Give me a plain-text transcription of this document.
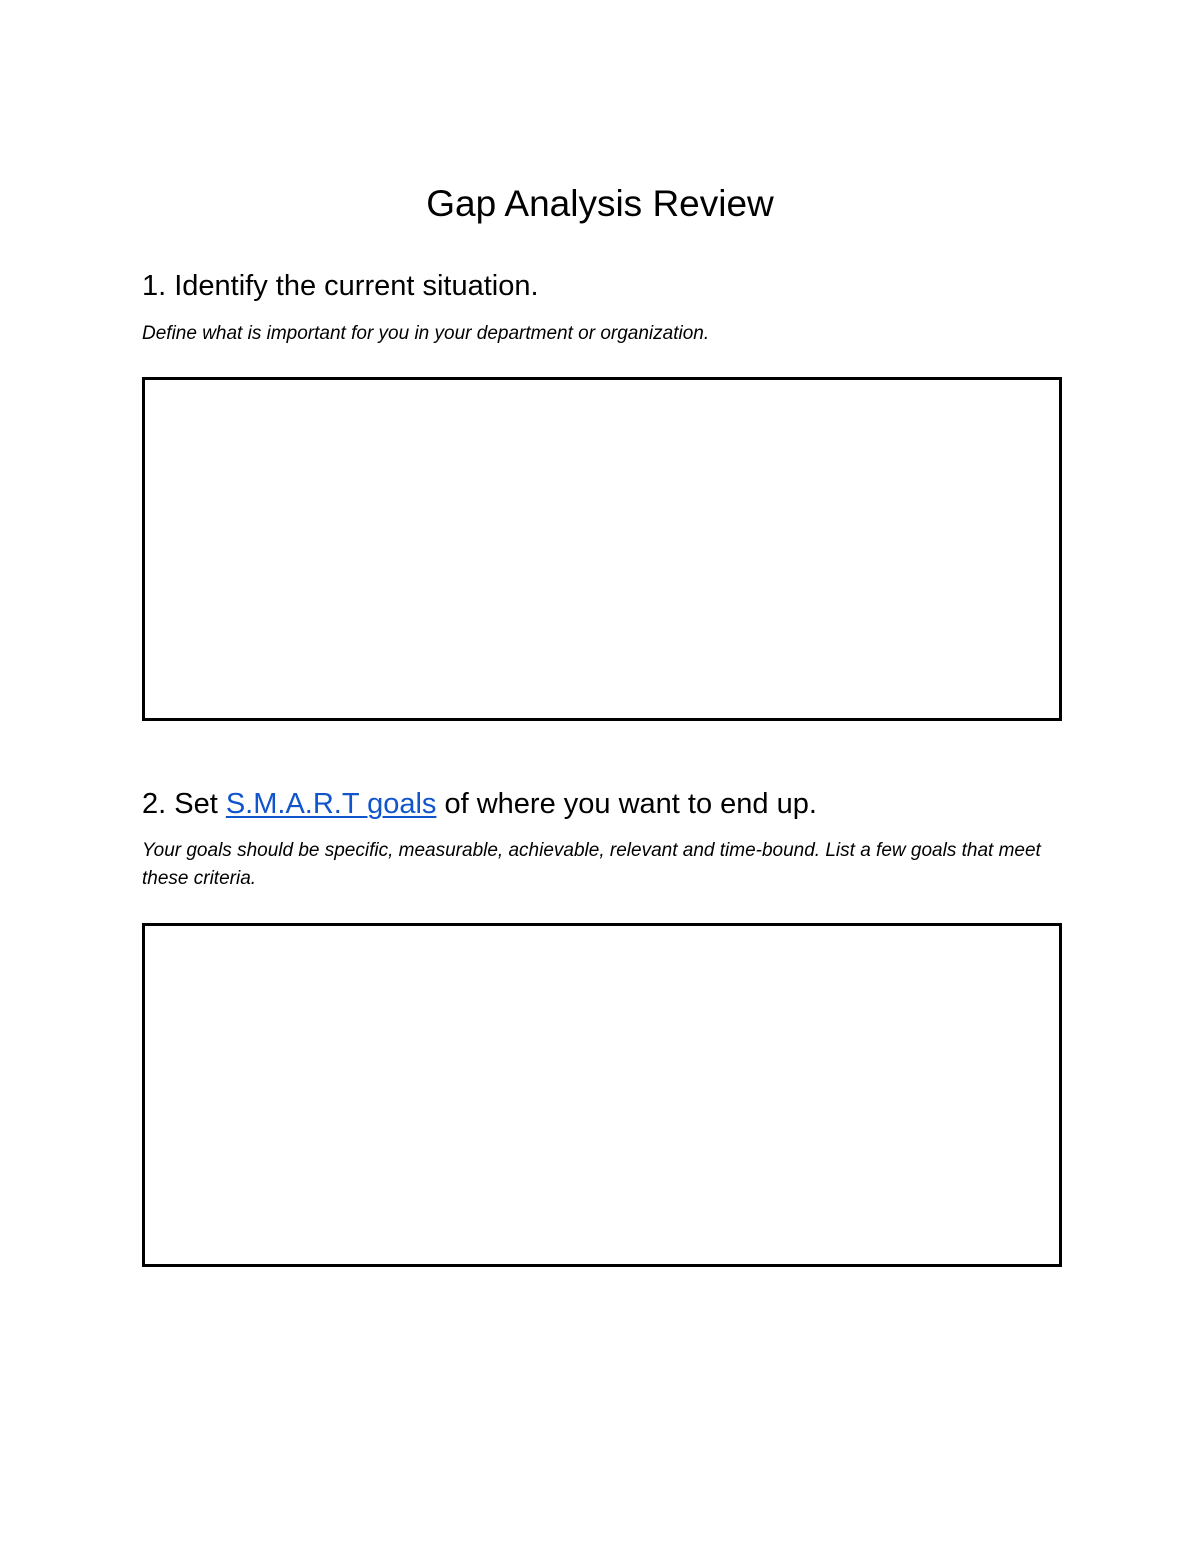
Gap Analysis Review
1. Identify the current situation.

Define what is important for you in your department or organization.

2. Set S.M.A.R.T goals of where you want to end up.

Your goals should be specific, measurable, achievable, relevant and time-bound. List a few goals that meet these criteria.
